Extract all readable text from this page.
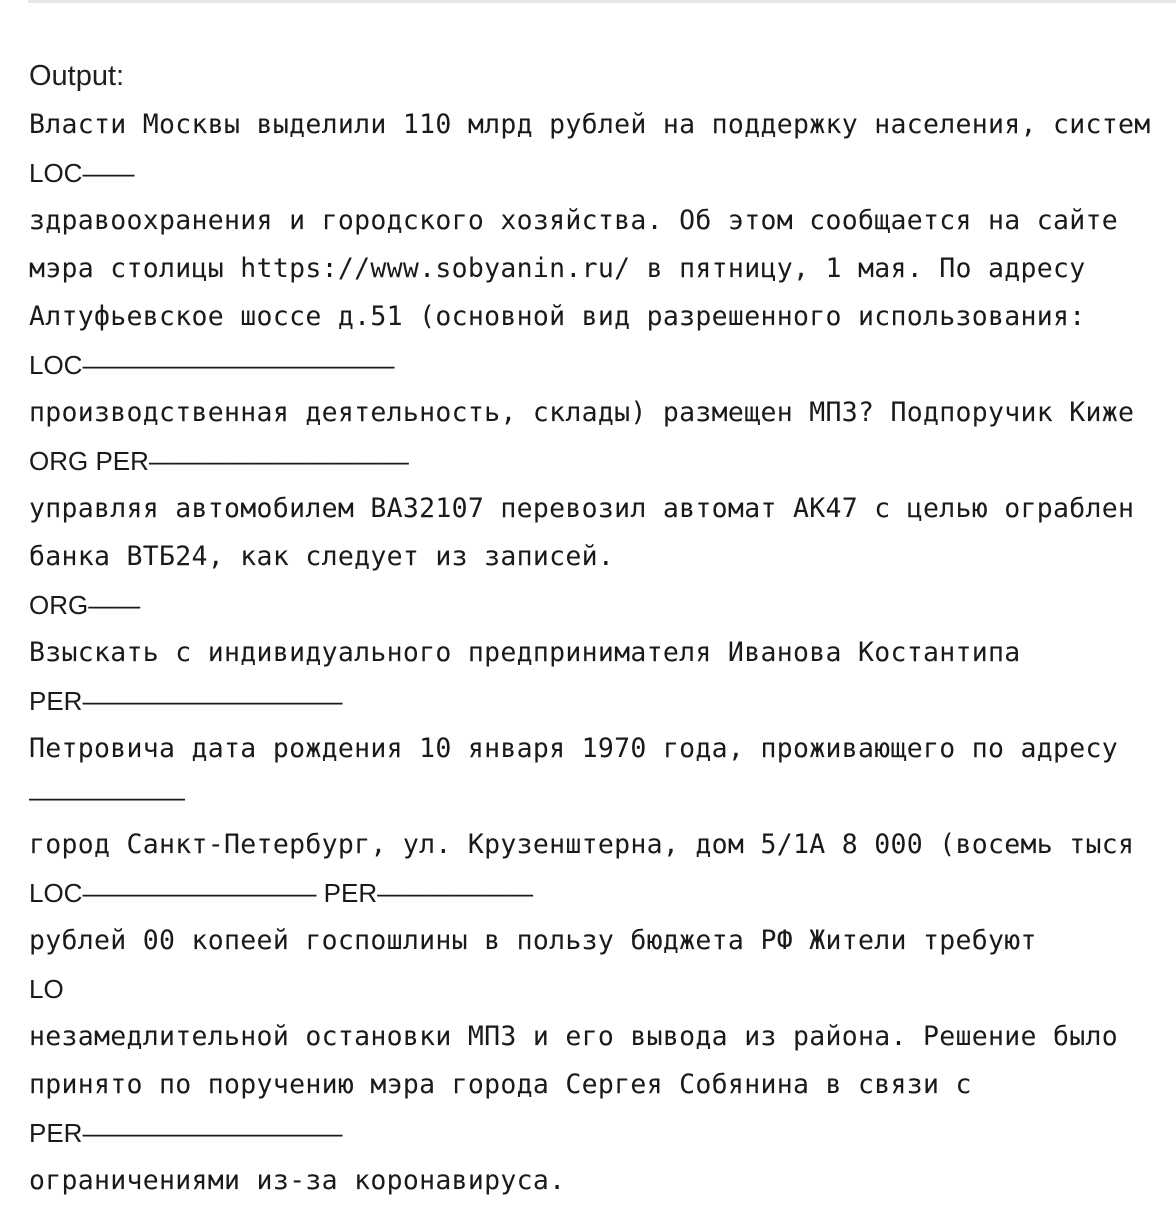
Output:
Власти Москвы выделили 110 млрд рублей на поддержку населения, систем

LOC——

здравоохранения и городского хозяйства. Об этом сообщается на сайте
мэра столицы https://www.sobyanin.ru/ в пятницу, 1 мая. По адресу
Алтуфьевское шоссе д.51 (основной вид разрешенного использования:

LOC————————————

производственная деятельность, склады) размещен МПЗ? Подпоручик Киже

ORG PER——————————

управляя автомобилем ВАЗ2107 перевозил автомат АК47 с целью ограблен
банка ВТБ24, как следует из записей.

ORG——

Взыскать с индивидуального предпринимателя Иванова Костантипа

PER——————————

Петровича дата рождения 10 января 1970 года, проживающего по адресу

——————

город Санкт-Петербург, ул. Крузенштерна, дом 5/1А 8 000 (восемь тыся

LOC————————— PER——————

рублей 00 копеей госпошлины в пользу бюджета РФ Жители требуют

LO

незамедлительной остановки МПЗ и его вывода из района. Решение было
принято по поручению мэра города Сергея Собянина в связи с

PER——————————

ограничениями из-за коронавируса.
